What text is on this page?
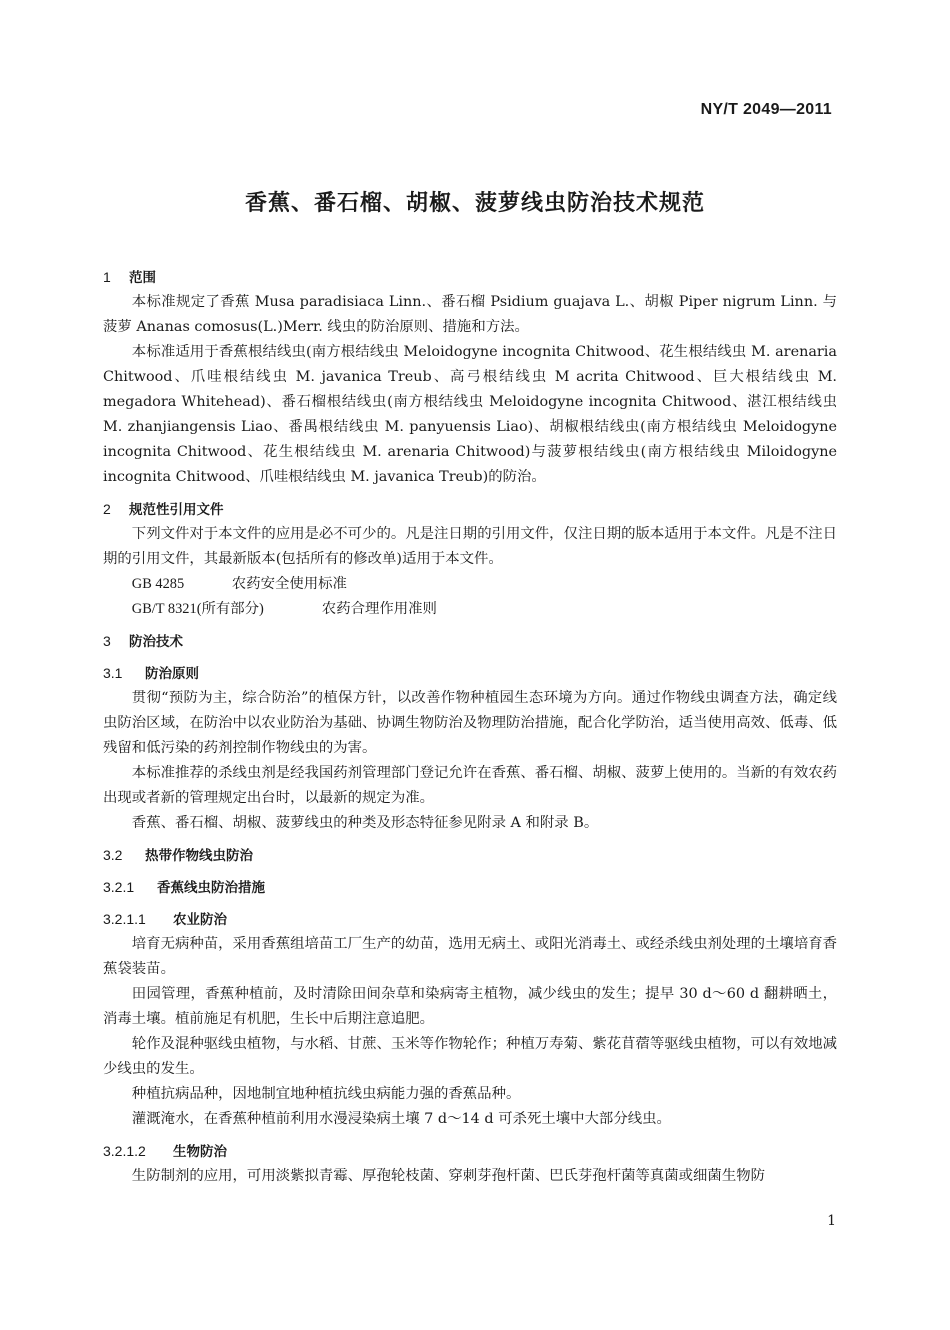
NY/T 2049—2011
香蕉、番石榴、胡椒、菠萝线虫防治技术规范
1 范围

本标准规定了香蕉 Musa paradisiaca Linn.、番石榴 Psidium guajava L.、胡椒 Piper nigrum Linn. 与菠萝 Ananas comosus(L.)Merr. 线虫的防治原则、措施和方法。

本标准适用于香蕉根结线虫(南方根结线虫 Meloidogyne incognita Chitwood、花生根结线虫 M. arenaria Chitwood、爪哇根结线虫 M. javanica Treub、高弓根结线虫 M acrita Chitwood、巨大根结线虫 M. megadora Whitehead)、番石榴根结线虫(南方根结线虫 Meloidogyne incognita Chitwood、湛江根结线虫 M. zhanjiangensis Liao、番禺根结线虫 M. panyuensis Liao)、胡椒根结线虫(南方根结线虫 Meloidogyne incognita Chitwood、花生根结线虫 M. arenaria Chitwood)与菠萝根结线虫(南方根结线虫 Miloidogyne incognita Chitwood、爪哇根结线虫 M. javanica Treub)的防治。

2 规范性引用文件

下列文件对于本文件的应用是必不可少的。凡是注日期的引用文件，仅注日期的版本适用于本文件。凡是不注日期的引用文件，其最新版本(包括所有的修改单)适用于本文件。

GB 4285	农药安全使用标准
GB/T 8321(所有部分)	农药合理作用准则
3 防治技术
3.1 防治原则

贯彻“预防为主，综合防治”的植保方针，以改善作物种植园生态环境为方向。通过作物线虫调查方法，确定线虫防治区域，在防治中以农业防治为基础、协调生物防治及物理防治措施，配合化学防治，适当使用高效、低毒、低残留和低污染的药剂控制作物线虫的为害。

本标准推荐的杀线虫剂是经我国药剂管理部门登记允许在香蕉、番石榴、胡椒、菠萝上使用的。当新的有效农药出现或者新的管理规定出台时，以最新的规定为准。

香蕉、番石榴、胡椒、菠萝线虫的种类及形态特征参见附录 A 和附录 B。

3.2 热带作物线虫防治
3.2.1 香蕉线虫防治措施
3.2.1.1 农业防治

培育无病种苗，采用香蕉组培苗工厂生产的幼苗，选用无病土、或阳光消毒土、或经杀线虫剂处理的土壤培育香蕉袋装苗。

田园管理，香蕉种植前，及时清除田间杂草和染病寄主植物，减少线虫的发生；提早 30 d～60 d 翻耕晒土，消毒土壤。植前施足有机肥，生长中后期注意追肥。

轮作及混种驱线虫植物，与水稻、甘蔗、玉米等作物轮作；种植万寿菊、紫花苜蓿等驱线虫植物，可以有效地减少线虫的发生。

种植抗病品种，因地制宜地种植抗线虫病能力强的香蕉品种。

灌溉淹水，在香蕉种植前利用水漫浸染病土壤 7 d～14 d 可杀死土壤中大部分线虫。

3.2.1.2 生物防治

生防制剂的应用，可用淡紫拟青霉、厚孢轮枝菌、穿刺芽孢杆菌、巴氏芽孢杆菌等真菌或细菌生物防

1
